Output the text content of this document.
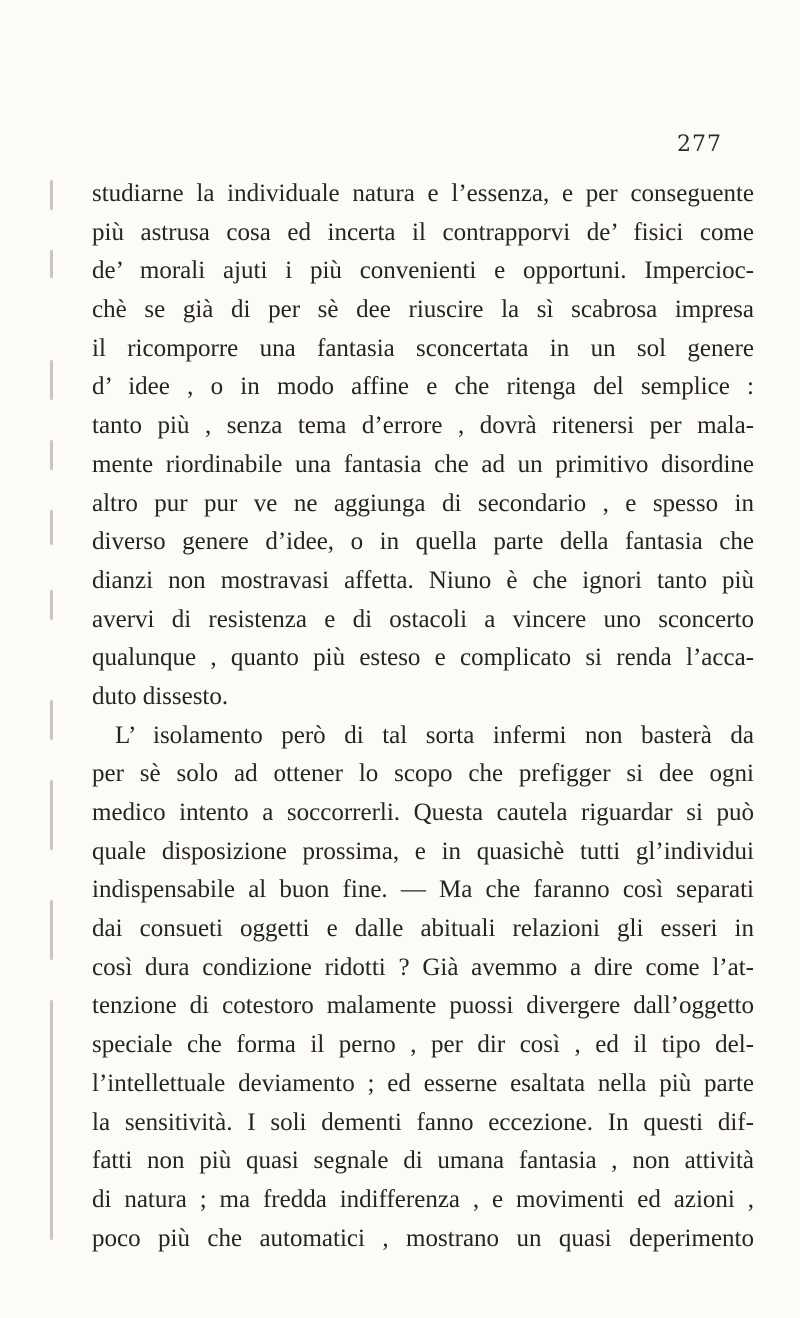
277
studiarne la individuale natura e l’essenza, e per conseguente
più astrusa cosa ed incerta il contrapporvi de’ fisici come
de’ morali ajuti i più convenienti e opportuni. Impercioc-
chè se già di per sè dee riuscire la sì scabrosa impresa
il ricomporre una fantasia sconcertata in un sol genere
d’ idee , o in modo affine e che ritenga del semplice :
tanto più , senza tema d’errore , dovrà ritenersi per mala-
mente riordinabile una fantasia che ad un primitivo disordine
altro pur pur ve ne aggiunga di secondario , e spesso in
diverso genere d’idee, o in quella parte della fantasia che
dianzi non mostravasi affetta. Niuno è che ignori tanto più
avervi di resistenza e di ostacoli a vincere uno sconcerto
qualunque , quanto più esteso e complicato si renda l’acca-
duto dissesto.
L’ isolamento però di tal sorta infermi non basterà da
per sè solo ad ottener lo scopo che prefigger si dee ogni
medico intento a soccorrerli. Questa cautela riguardar si può
quale disposizione prossima, e in quasichè tutti gl’individui
indispensabile al buon fine. — Ma che faranno così separati
dai consueti oggetti e dalle abituali relazioni gli esseri in
così dura condizione ridotti ? Già avemmo a dire come l’at-
tenzione di cotestoro malamente puossi divergere dall’oggetto
speciale che forma il perno , per dir così , ed il tipo del-
l’intellettuale deviamento ; ed esserne esaltata nella più parte
la sensitività. I soli dementi fanno eccezione. In questi dif-
fatti non più quasi segnale di umana fantasia , non attività
di natura ; ma fredda indifferenza , e movimenti ed azioni ,
poco più che automatici , mostrano un quasi deperimento
